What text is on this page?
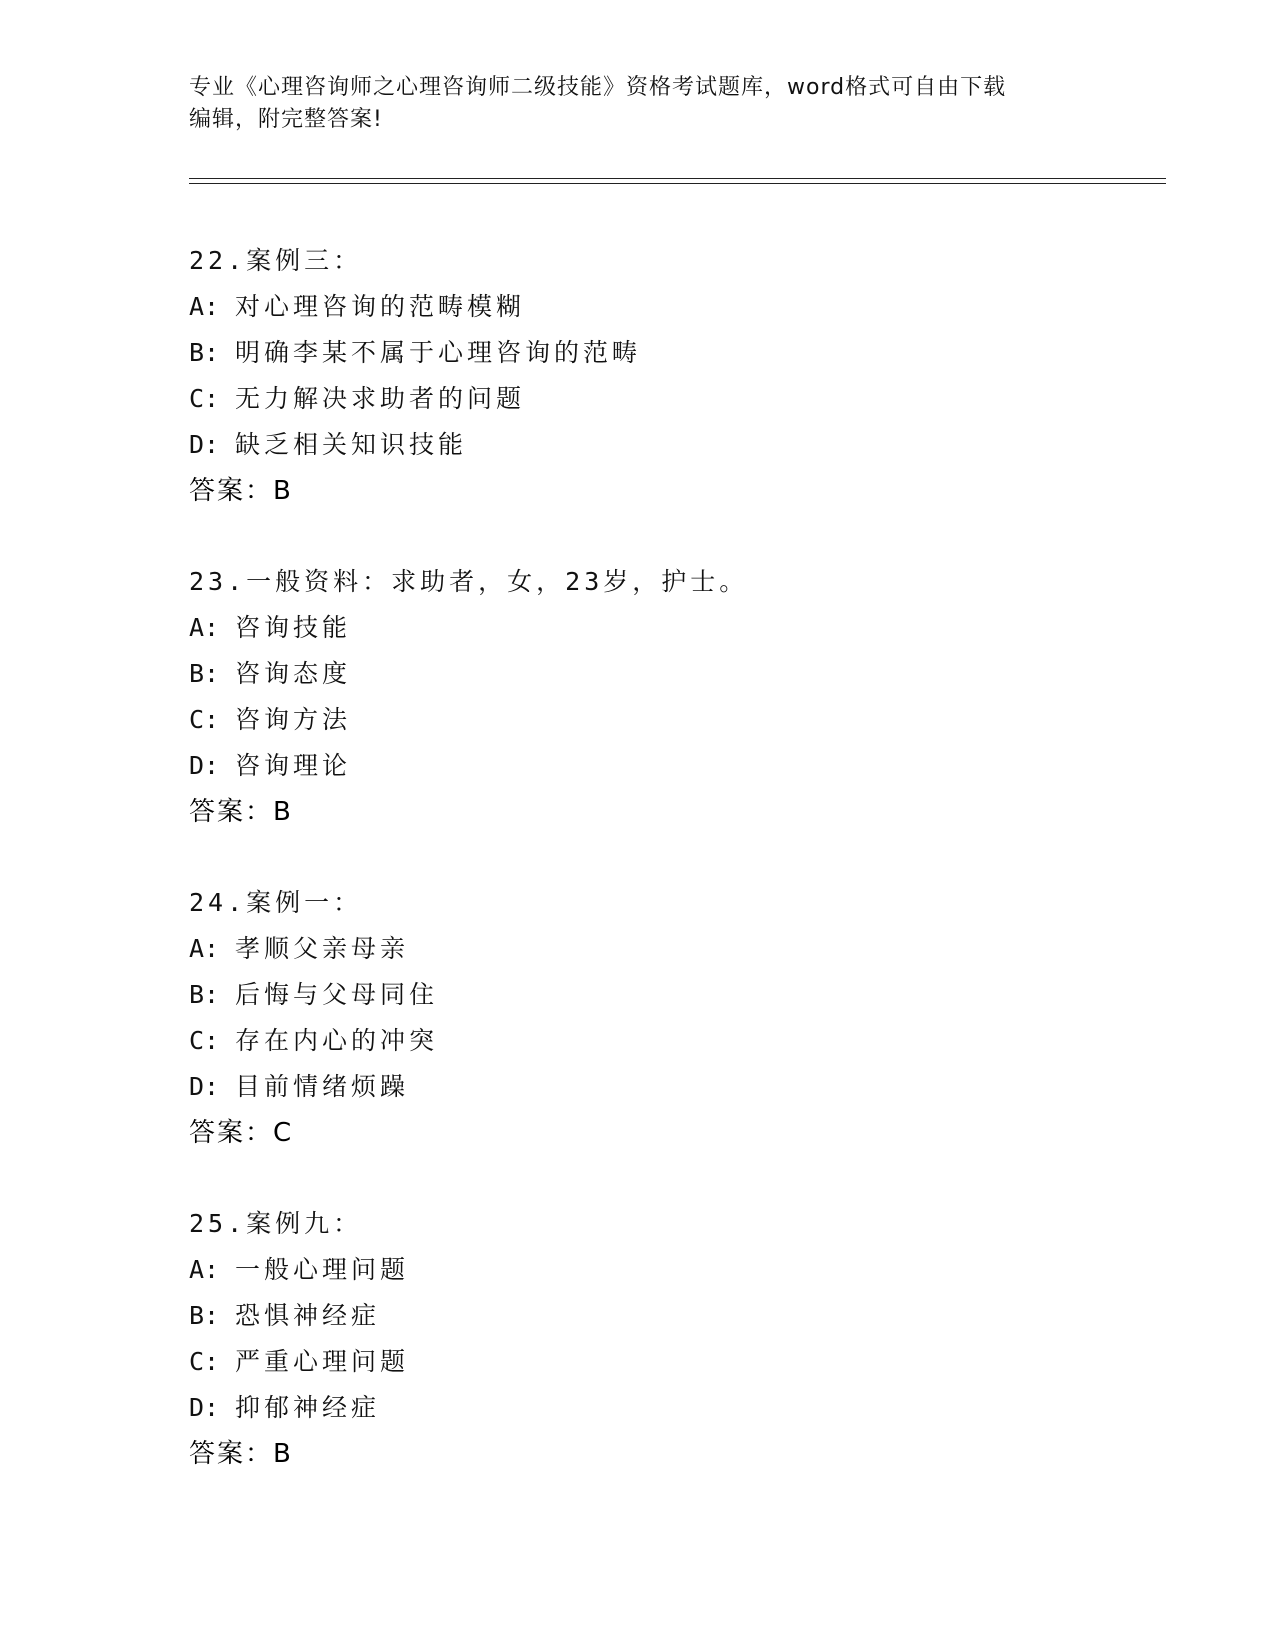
专业《心理咨询师之心理咨询师二级技能》资格考试题库，word格式可自由下载
编辑，附完整答案!
22.案例三：
A: 对心理咨询的范畴模糊
B: 明确李某不属于心理咨询的范畴
C: 无力解决求助者的问题
D: 缺乏相关知识技能
答案：B
23.一般资料：求助者，女，23岁，护士。
A: 咨询技能
B: 咨询态度
C: 咨询方法
D: 咨询理论
答案：B
24.案例一：
A: 孝顺父亲母亲
B: 后悔与父母同住
C: 存在内心的冲突
D: 目前情绪烦躁
答案：C
25.案例九：
A: 一般心理问题
B: 恐惧神经症
C: 严重心理问题
D: 抑郁神经症
答案：B
